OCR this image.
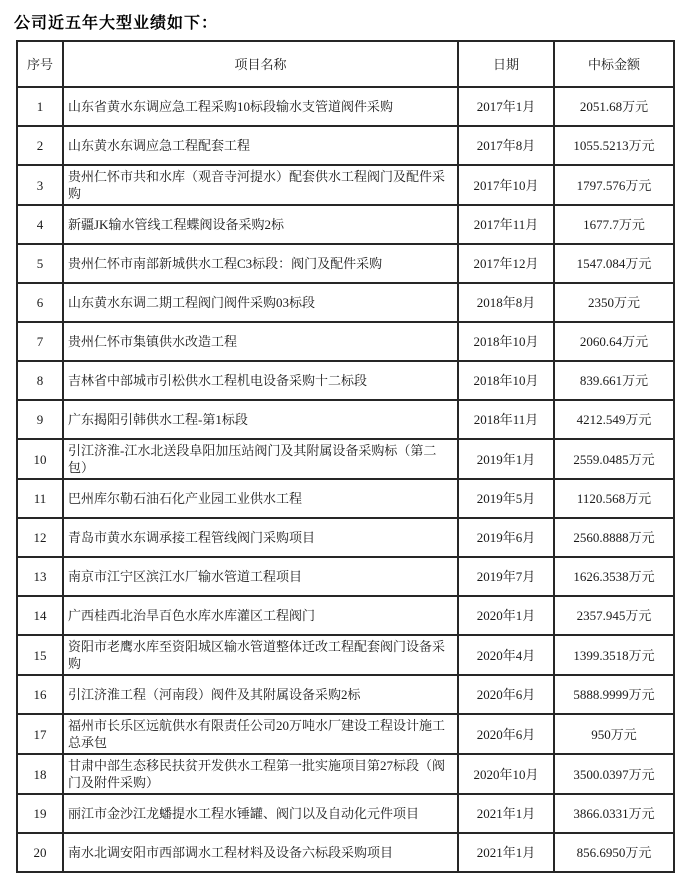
公司近五年大型业绩如下：
序号	项目名称	日期	中标金额
1	山东省黄水东调应急工程采购10标段输水支管道阀件采购	2017年1月	2051.68万元
2	山东黄水东调应急工程配套工程	2017年8月	1055.5213万元
3	贵州仁怀市共和水库（观音寺河提水）配套供水工程阀门及配件采购	2017年10月	1797.576万元
4	新疆JK输水管线工程蝶阀设备采购2标	2017年11月	1677.7万元
5	贵州仁怀市南部新城供水工程C3标段：阀门及配件采购	2017年12月	1547.084万元
6	山东黄水东调二期工程阀门阀件采购03标段	2018年8月	2350万元
7	贵州仁怀市集镇供水改造工程	2018年10月	2060.64万元
8	吉林省中部城市引松供水工程机电设备采购十二标段	2018年10月	839.661万元
9	广东揭阳引韩供水工程-第1标段	2018年11月	4212.549万元
10	引江济淮-江水北送段阜阳加压站阀门及其附属设备采购标（第二包）	2019年1月	2559.0485万元
11	巴州库尔勒石油石化产业园工业供水工程	2019年5月	1120.568万元
12	青岛市黄水东调承接工程管线阀门采购项目	2019年6月	2560.8888万元
13	南京市江宁区滨江水厂输水管道工程项目	2019年7月	1626.3538万元
14	广西桂西北治旱百色水库水库灌区工程阀门	2020年1月	2357.945万元
15	资阳市老鹰水库至资阳城区输水管道整体迁改工程配套阀门设备采购	2020年4月	1399.3518万元
16	引江济淮工程（河南段）阀件及其附属设备采购2标	2020年6月	5888.9999万元
17	福州市长乐区远航供水有限责任公司20万吨水厂建设工程设计施工总承包	2020年6月	950万元
18	甘肃中部生态移民扶贫开发供水工程第一批实施项目第27标段（阀门及附件采购）	2020年10月	3500.0397万元
19	丽江市金沙江龙蟠提水工程水锤罐、阀门以及自动化元件项目	2021年1月	3866.0331万元
20	南水北调安阳市西部调水工程材料及设备六标段采购项目	2021年1月	856.6950万元
